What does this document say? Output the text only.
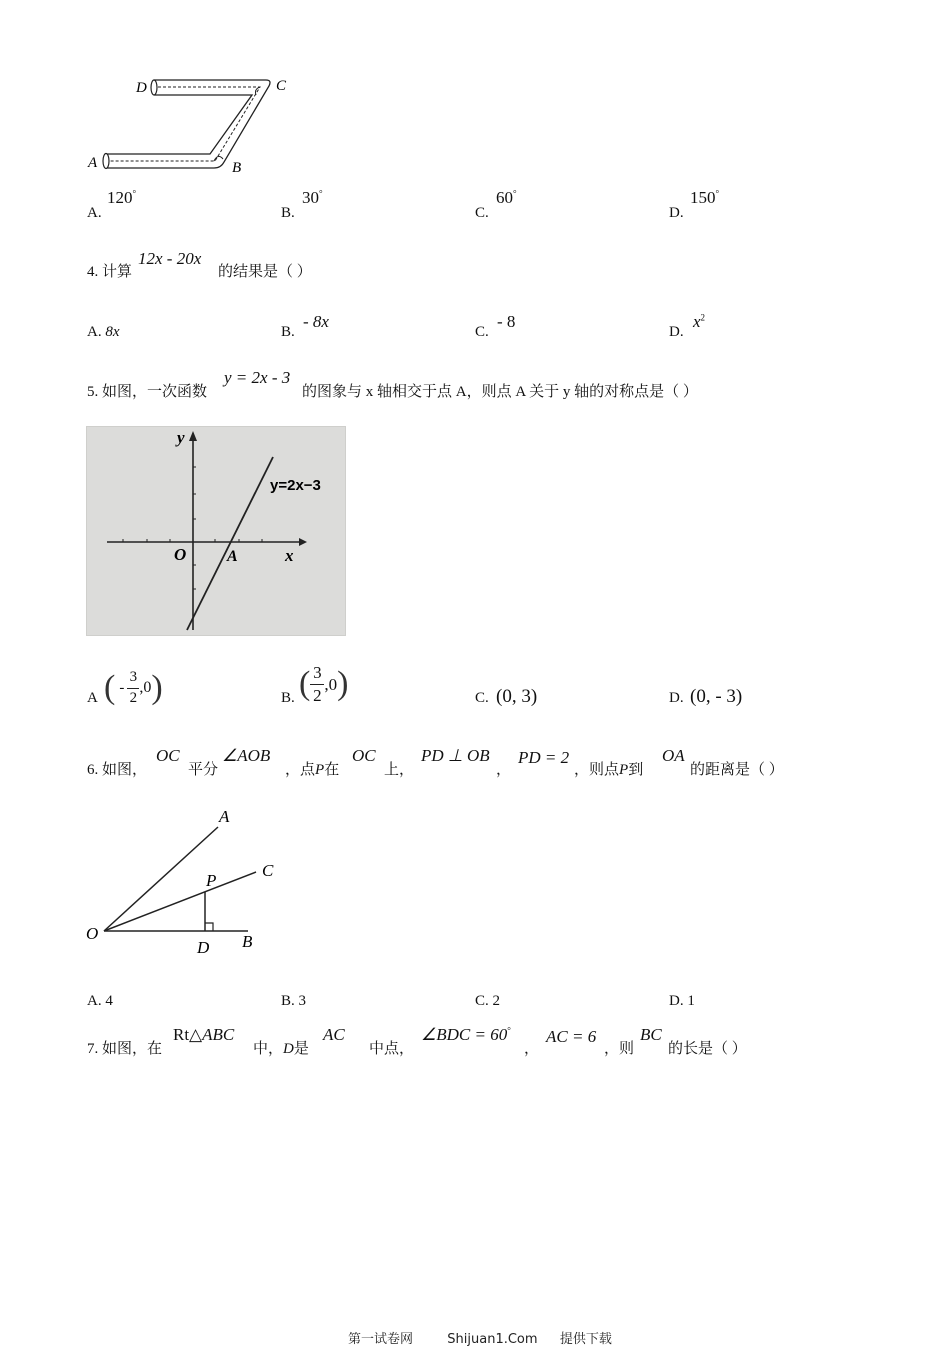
D	C
A	B
A.
120°
B.
30°
C.
60°
D.
150°
4. 计算
12x - 20x
的结果是（ ）
A. 8x	B.
- 8x
C.
- 8
D.
$x^2$
5. 如图，一次函数
y = 2x - 3
的图象与 x 轴相交于点 A，则点 A 关于 y 轴的对称点是（ ）
y
x
O	A
y=2x−3
A ( - $\frac{3}{2} ,0$ )	B. ( $\frac{3}{2} ,0$ )	C. (0, 3)	D. (0, - 3)
6. 如图，
OC
平分
∠AOB
，点P在
OC
上，
PD ⊥ OB
，
PD = 2
，则点P到
OA
的距离是（ ）
A
C
P
O
D B
A. 4	B. 3	C. 2	D. 1
7. 如图，在
Rt△ABC
中，D是
AC
中点，
∠BDC = 60°
，
AC = 6
，则
BC
的长是（ ）
第一试卷网	Shijuan1.Com 提供下载
